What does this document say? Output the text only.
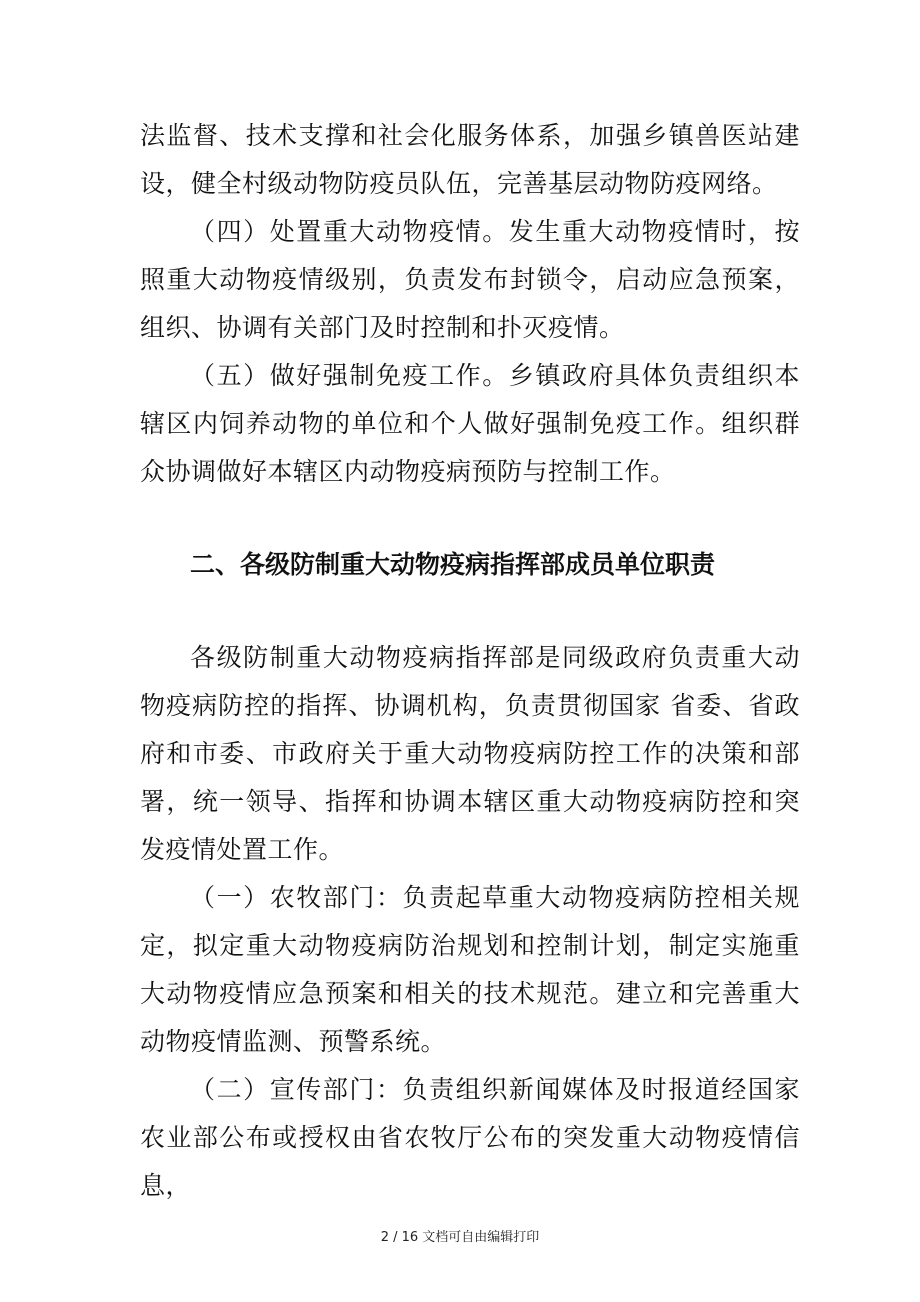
法监督、技术支撑和社会化服务体系，加强乡镇兽医站建设，健全村级动物防疫员队伍，完善基层动物防疫网络。

（四）处置重大动物疫情。发生重大动物疫情时，按照重大动物疫情级别，负责发布封锁令，启动应急预案，组织、协调有关部门及时控制和扑灭疫情。

（五）做好强制免疫工作。乡镇政府具体负责组织本辖区内饲养动物的单位和个人做好强制免疫工作。组织群众协调做好本辖区内动物疫病预防与控制工作。

二、各级防制重大动物疫病指挥部成员单位职责

各级防制重大动物疫病指挥部是同级政府负责重大动物疫病防控的指挥、协调机构，负责贯彻国家 省委、省政府和市委、市政府关于重大动物疫病防控工作的决策和部署，统一领导、指挥和协调本辖区重大动物疫病防控和突发疫情处置工作。

（一）农牧部门：负责起草重大动物疫病防控相关规定，拟定重大动物疫病防治规划和控制计划，制定实施重大动物疫情应急预案和相关的技术规范。建立和完善重大动物疫情监测、预警系统。

（二）宣传部门：负责组织新闻媒体及时报道经国家农业部公布或授权由省农牧厅公布的突发重大动物疫情信息，

2 / 16 文档可自由编辑打印
